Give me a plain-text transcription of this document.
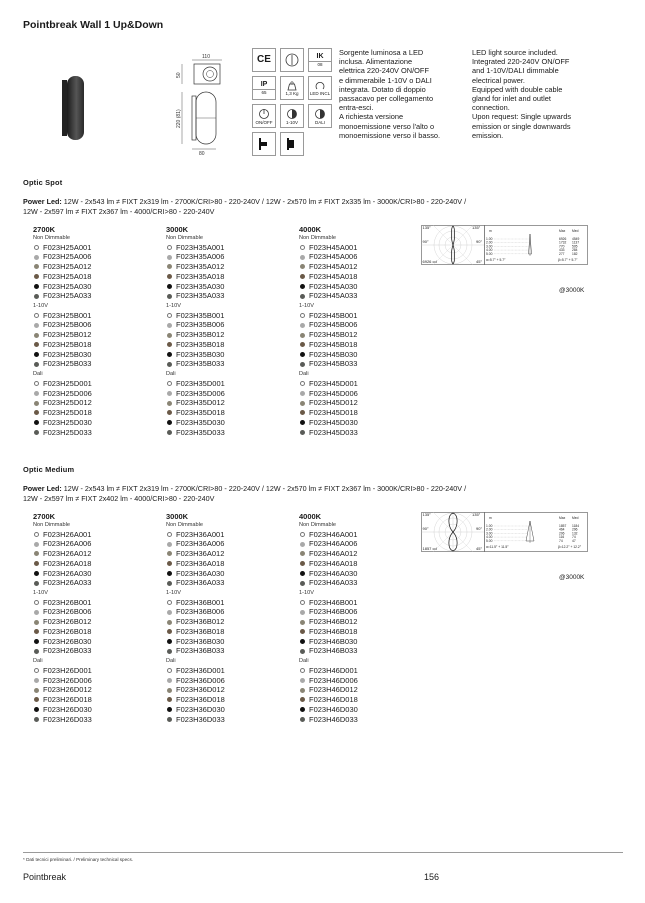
Pointbreak Wall 1 Up&Down
110
50
220 (81)
80
CE	IK
08
IP
65	1,3 Kg	LED INCL
ON/OFF	1-10V	DALI
Sorgente luminosa a LED
inclusa. Alimentazione
elettrica 220-240V ON/OFF
e dimmerabile 1-10V o DALI
integrata. Dotato di doppio
passacavo per collegamento
entra-esci.
A richiesta versione
monoemissione verso l'alto o
monoemissione verso il basso.
LED light source included.
Integrated 220-240V ON/OFF
and 1-10V/DALI dimmable
electrical power.
Equipped with double cable
gland for inlet and outlet
connection.
Upon request: Single upwards
emission or single downwards
emission.
Optic Spot
Power Led: 12W - 2x543 lm ≠ FIXT 2x319 lm - 2700K/CRI>80 - 220-240V / 12W - 2x570 lm ≠ FIXT 2x335 lm - 3000K/CRI>80 - 220-240V /
12W - 2x597 lm ≠ FIXT 2x367 lm - 4000/CRI>80 - 220-240V
2700K
Non Dimmable
F023H25A001
F023H25A006
F023H25A012
F023H25A018
F023H25A030
F023H25A033
1-10V
F023H25B001
F023H25B006
F023H25B012
F023H25B018
F023H25B030
F023H25B033
Dali
F023H25D001
F023H25D006
F023H25D012
F023H25D018
F023H25D030
F023H25D033
3000K
Non Dimmable
F023H35A001
F023H35A006
F023H35A012
F023H35A018
F023H35A030
F023H35A033
1-10V
F023H35B001
F023H35B006
F023H35B012
F023H35B018
F023H35B030
F023H35B033
Dali
F023H35D001
F023H35D006
F023H35D012
F023H35D018
F023H35D030
F023H35D033
4000K
Non Dimmable
F023H45A001
F023H45A006
F023H45A012
F023H45A018
F023H45A030
F023H45A033
1-10V
F023H45B001
F023H45B006
F023H45B012
F023H45B018
F023H45B030
F023H45B033
Dali
F023H45D001
F023H45D006
F023H45D012
F023H45D018
F023H45D030
F023H45D033
135°	135°
90°	90°
6926 cd	45°
m	Max Med
1.00	6926 4549
2.00	1732 1137
3.00	770 505
4.00	433 284
5.00	277 182
α=5.7° + 5.7°	β=5.7° + 5.7°
@3000K
Optic Medium
Power Led: 12W - 2x543 lm ≠ FIXT 2x319 lm - 2700K/CRI>80 - 220-240V / 12W - 2x570 lm ≠ FIXT 2x367 lm - 3000K/CRI>80 - 220-240V /
12W - 2x597 lm ≠ FIXT 2x402 lm - 4000/CRI>80 - 220-240V
2700K
Non Dimmable
F023H26A001
F023H26A006
F023H26A012
F023H26A018
F023H26A030
F023H26A033
1-10V
F023H26B001
F023H26B006
F023H26B012
F023H26B018
F023H26B030
F023H26B033
Dali
F023H26D001
F023H26D006
F023H26D012
F023H26D018
F023H26D030
F023H26D033
3000K
Non Dimmable
F023H36A001
F023H36A006
F023H36A012
F023H36A018
F023H36A030
F023H36A033
1-10V
F023H36B001
F023H36B006
F023H36B012
F023H36B018
F023H36B030
F023H36B033
Dali
F023H36D001
F023H36D006
F023H36D012
F023H36D018
F023H36D030
F023H36D033
4000K
Non Dimmable
F023H46A001
F023H46A006
F023H46A012
F023H46A018
F023H46A030
F023H46A033
1-10V
F023H46B001
F023H46B006
F023H46B012
F023H46B018
F023H46B030
F023H46B033
Dali
F023H46D001
F023H46D006
F023H46D012
F023H46D018
F023H46D030
F023H46D033
135°	135°
90°	90°
1857 cd	45°
m	Max Med
1.00	1857 1184
2.00	464 296
3.00	206 132
4.00	116 74
5.00	74	47
α=11.5° + 11.5°	β=12.2° + 12.2°
@3000K
* Dati tecnici preliminari. / Preliminary technical specs.
Pointbreak	156
